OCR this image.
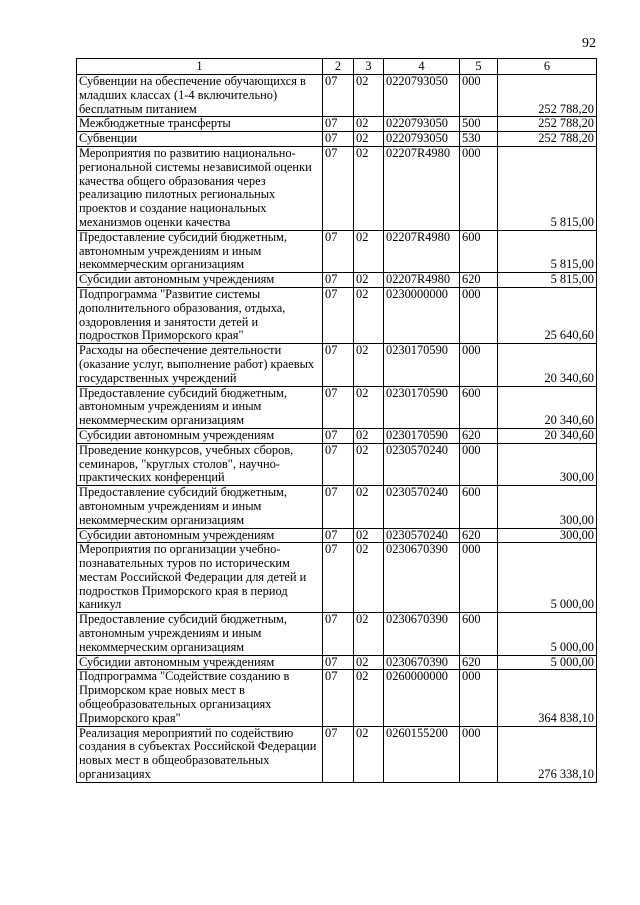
92
1	2	3	4	5	6
Субвенции на обеспечение обучающихся в младших классах (1-4 включительно) бесплатным питанием	07	02	0220793050	000	252 788,20
Межбюджетные трансферты	07	02	0220793050	500	252 788,20
Субвенции	07	02	0220793050	530	252 788,20
Мероприятия по развитию национально-региональной системы независимой оценки качества общего образования через реализацию пилотных региональных проектов и создание национальных механизмов оценки качества	07	02	02207R4980	000	5 815,00
Предоставление субсидий бюджетным, автономным учреждениям и иным некоммерческим организациям	07	02	02207R4980	600	5 815,00
Субсидии автономным учреждениям	07	02	02207R4980	620	5 815,00
Подпрограмма "Развитие системы дополнительного образования, отдыха, оздоровления и занятости детей и подростков Приморского края"	07	02	0230000000	000	25 640,60
Расходы на обеспечение деятельности (оказание услуг, выполнение работ) краевых государственных учреждений	07	02	0230170590	000	20 340,60
Предоставление субсидий бюджетным, автономным учреждениям и иным некоммерческим организациям	07	02	0230170590	600	20 340,60
Субсидии автономным учреждениям	07	02	0230170590	620	20 340,60
Проведение конкурсов, учебных сборов, семинаров, "круглых столов", научно-практических конференций	07	02	0230570240	000	300,00
Предоставление субсидий бюджетным, автономным учреждениям и иным некоммерческим организациям	07	02	0230570240	600	300,00
Субсидии автономным учреждениям	07	02	0230570240	620	300,00
Мероприятия по организации учебно-познавательных туров по историческим местам Российской Федерации для детей и подростков Приморского края в период каникул	07	02	0230670390	000	5 000,00
Предоставление субсидий бюджетным, автономным учреждениям и иным некоммерческим организациям	07	02	0230670390	600	5 000,00
Субсидии автономным учреждениям	07	02	0230670390	620	5 000,00
Подпрограмма "Содействие созданию в Приморском крае новых мест в общеобразовательных организациях Приморского края"	07	02	0260000000	000	364 838,10
Реализация мероприятий по содействию создания в субъектах Российской Федерации новых мест в общеобразовательных организациях	07	02	0260155200	000	276 338,10
